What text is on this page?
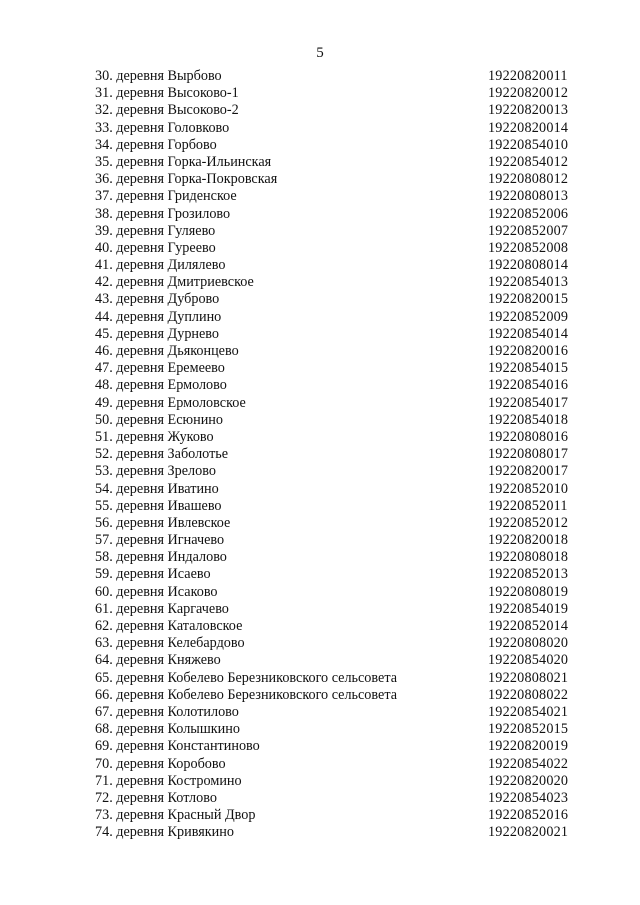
5
30. деревня Вырбово	19220820011
31. деревня Высоково-1	19220820012
32. деревня Высоково-2	19220820013
33. деревня Головково	19220820014
34. деревня Горбово	19220854010
35. деревня Горка-Ильинская	19220854012
36. деревня Горка-Покровская	19220808012
37. деревня Гриденское	19220808013
38. деревня Грозилово	19220852006
39. деревня Гуляево	19220852007
40. деревня Гуреево	19220852008
41. деревня Дилялево	19220808014
42. деревня Дмитриевское	19220854013
43. деревня Дуброво	19220820015
44. деревня Дуплино	19220852009
45. деревня Дурнево	19220854014
46. деревня Дьяконцево	19220820016
47. деревня Еремеево	19220854015
48. деревня Ермолово	19220854016
49. деревня Ермоловское	19220854017
50. деревня Есюнино	19220854018
51. деревня Жуково	19220808016
52. деревня Заболотье	19220808017
53. деревня Зрелово	19220820017
54. деревня Иватино	19220852010
55. деревня Ивашево	19220852011
56. деревня Ивлевское	19220852012
57. деревня Игначево	19220820018
58. деревня Индалово	19220808018
59. деревня Исаево	19220852013
60. деревня Исаково	19220808019
61. деревня Каргачево	19220854019
62. деревня Каталовское	19220852014
63. деревня Келебардово	19220808020
64. деревня Княжево	19220854020
65. деревня Кобелево Березниковского сельсовета	19220808021
66. деревня Кобелево Березниковского сельсовета	19220808022
67. деревня Колотилово	19220854021
68. деревня Колышкино	19220852015
69. деревня Константиново	19220820019
70. деревня Коробово	19220854022
71. деревня Костромино	19220820020
72. деревня Котлово	19220854023
73. деревня Красный Двор	19220852016
74. деревня Кривякино	19220820021
